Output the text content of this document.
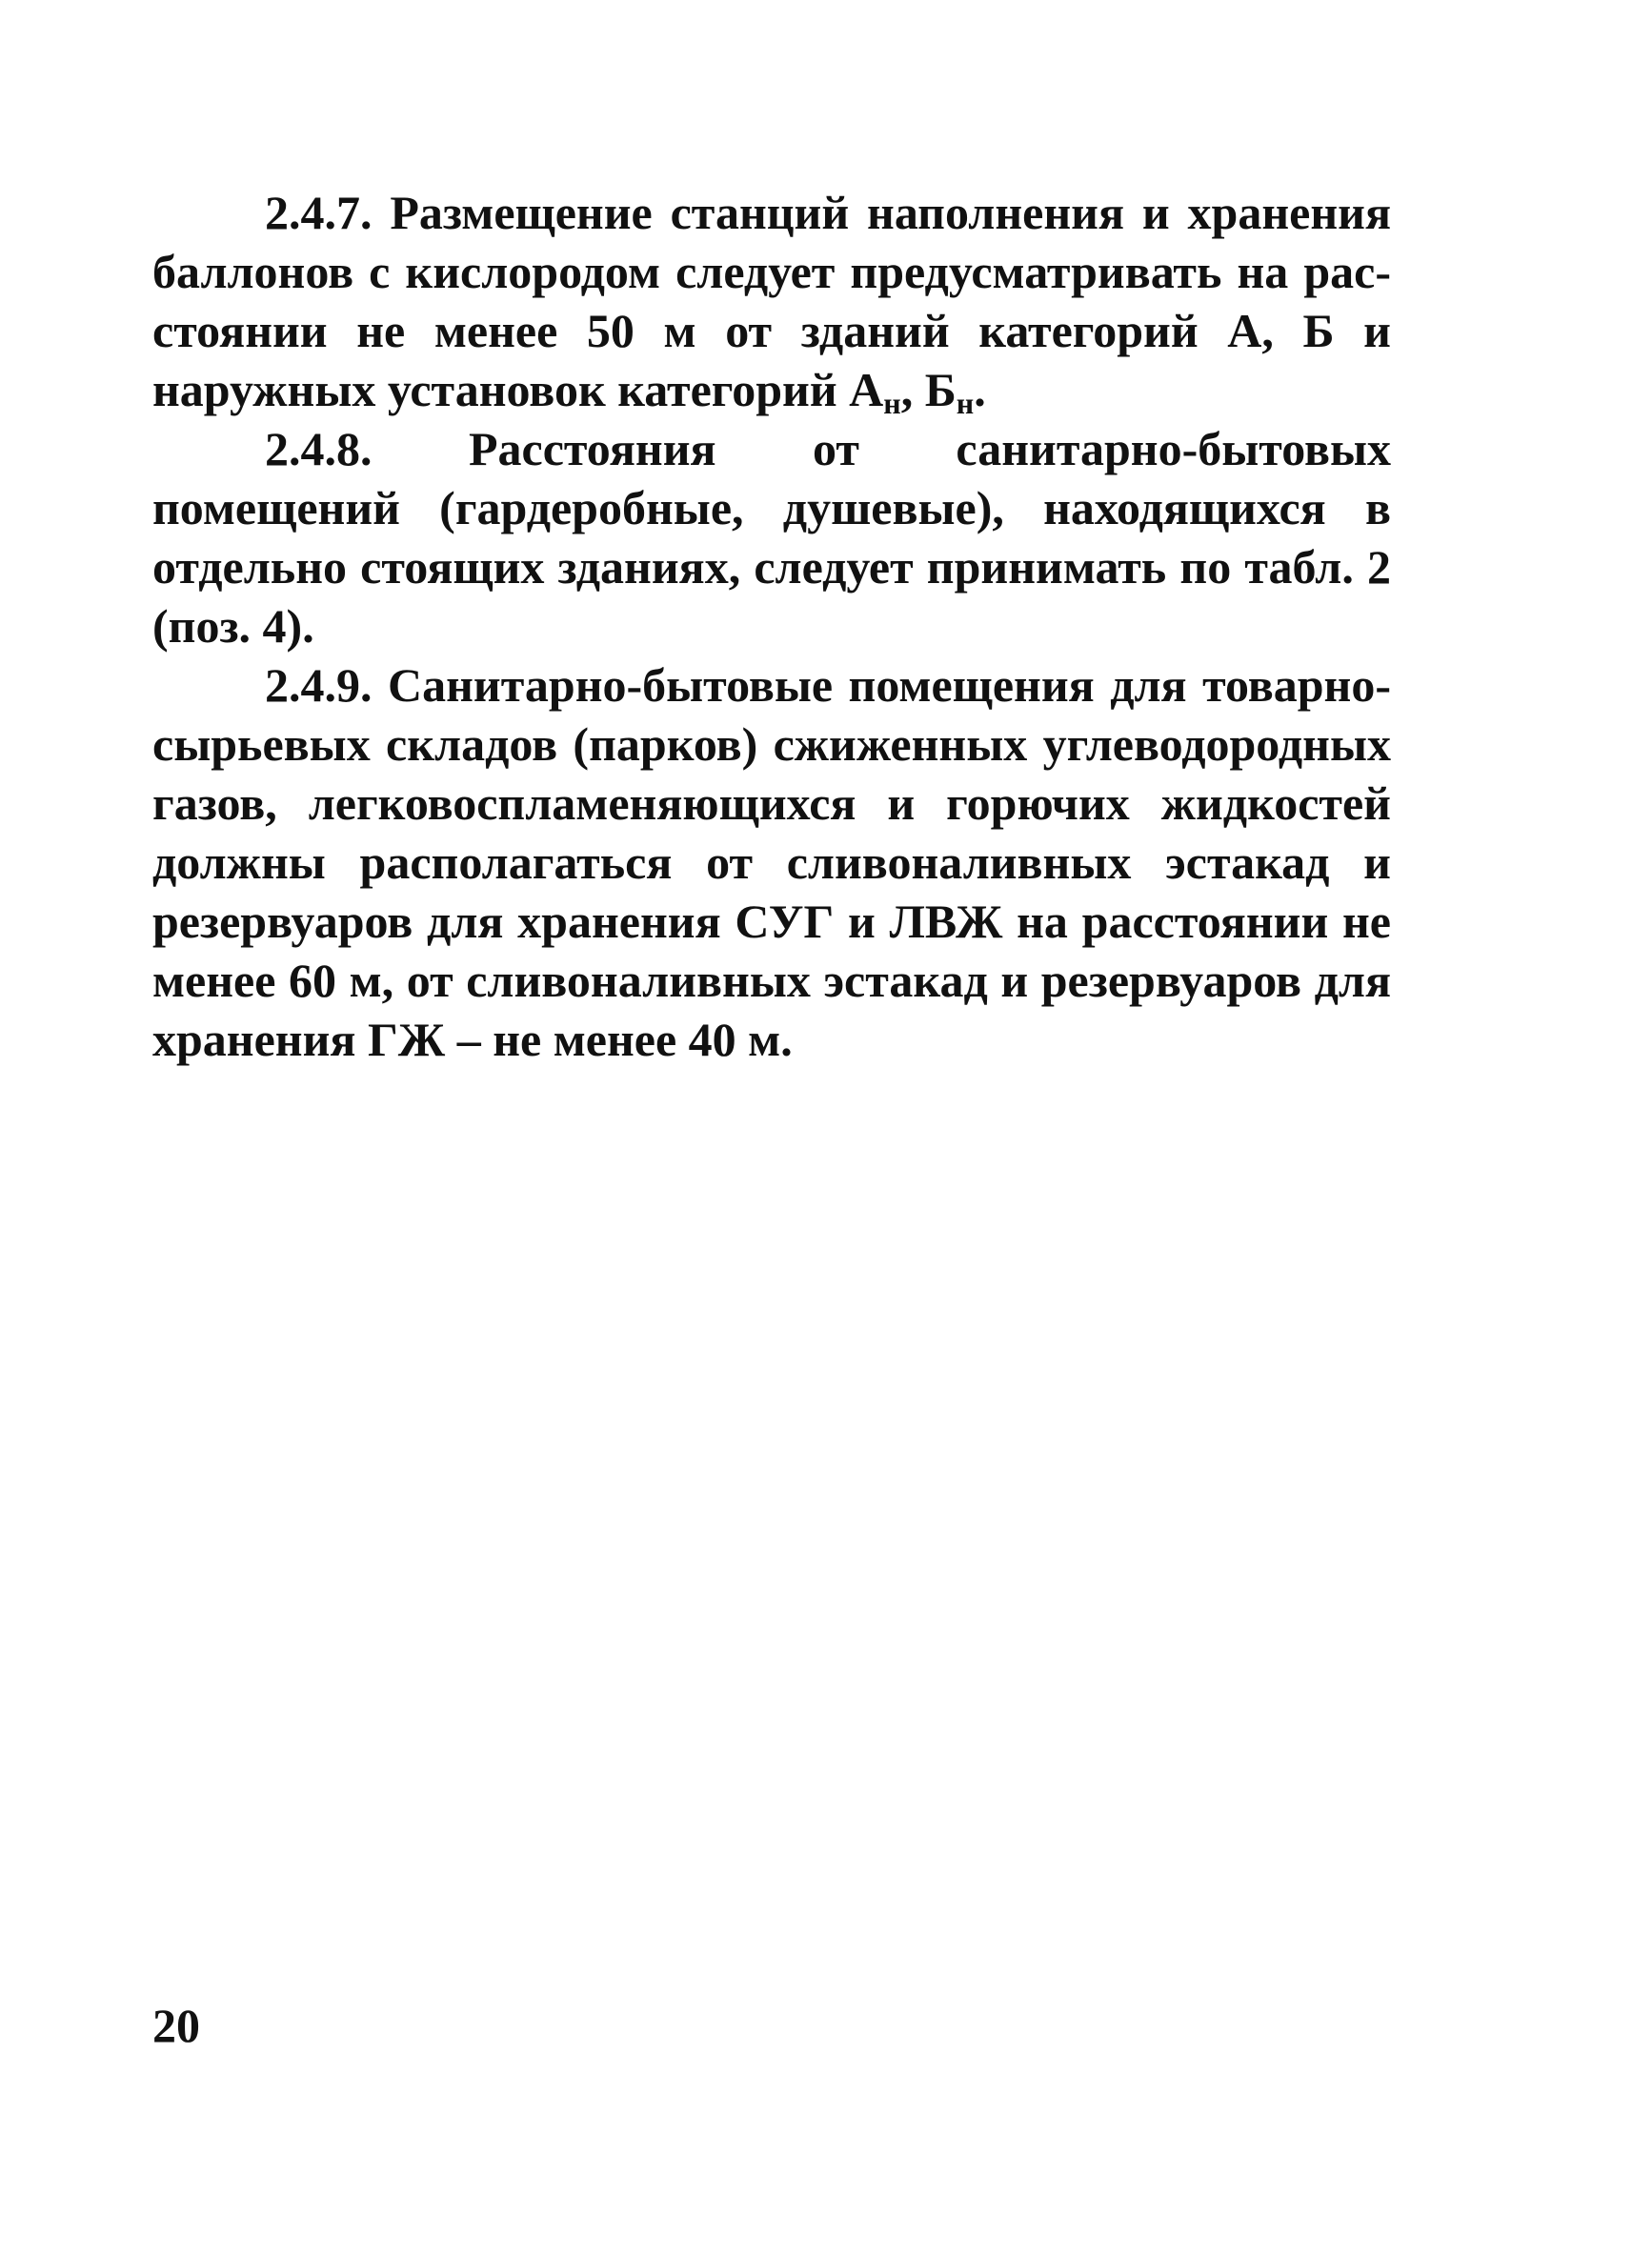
2.4.7. Размещение станций наполнения и хранения баллонов с кислородом следует предусматривать на расстоянии не менее 50 м от зданий категорий А, Б и наружных установок категорий $А_н$, $Б_н$.

2.4.8. Расстояния от санитарно-бытовых помещений (гардеробные, душевые), находящихся в отдельно стоящих зданиях, следует принимать по табл. 2 (поз. 4).

2.4.9. Санитарно-бытовые помещения для товарносырьевых складов (парков) сжиженных углеводородных газов, легковоспламеняющихся и горючих жидкостей должны располагаться от сливоналивных эстакад и резервуаров для хранения СУГ и ЛВЖ на расстоянии не менее 60 м, от сливоналивных эстакад и резервуаров для хранения ГЖ – не менее 40 м.

20
